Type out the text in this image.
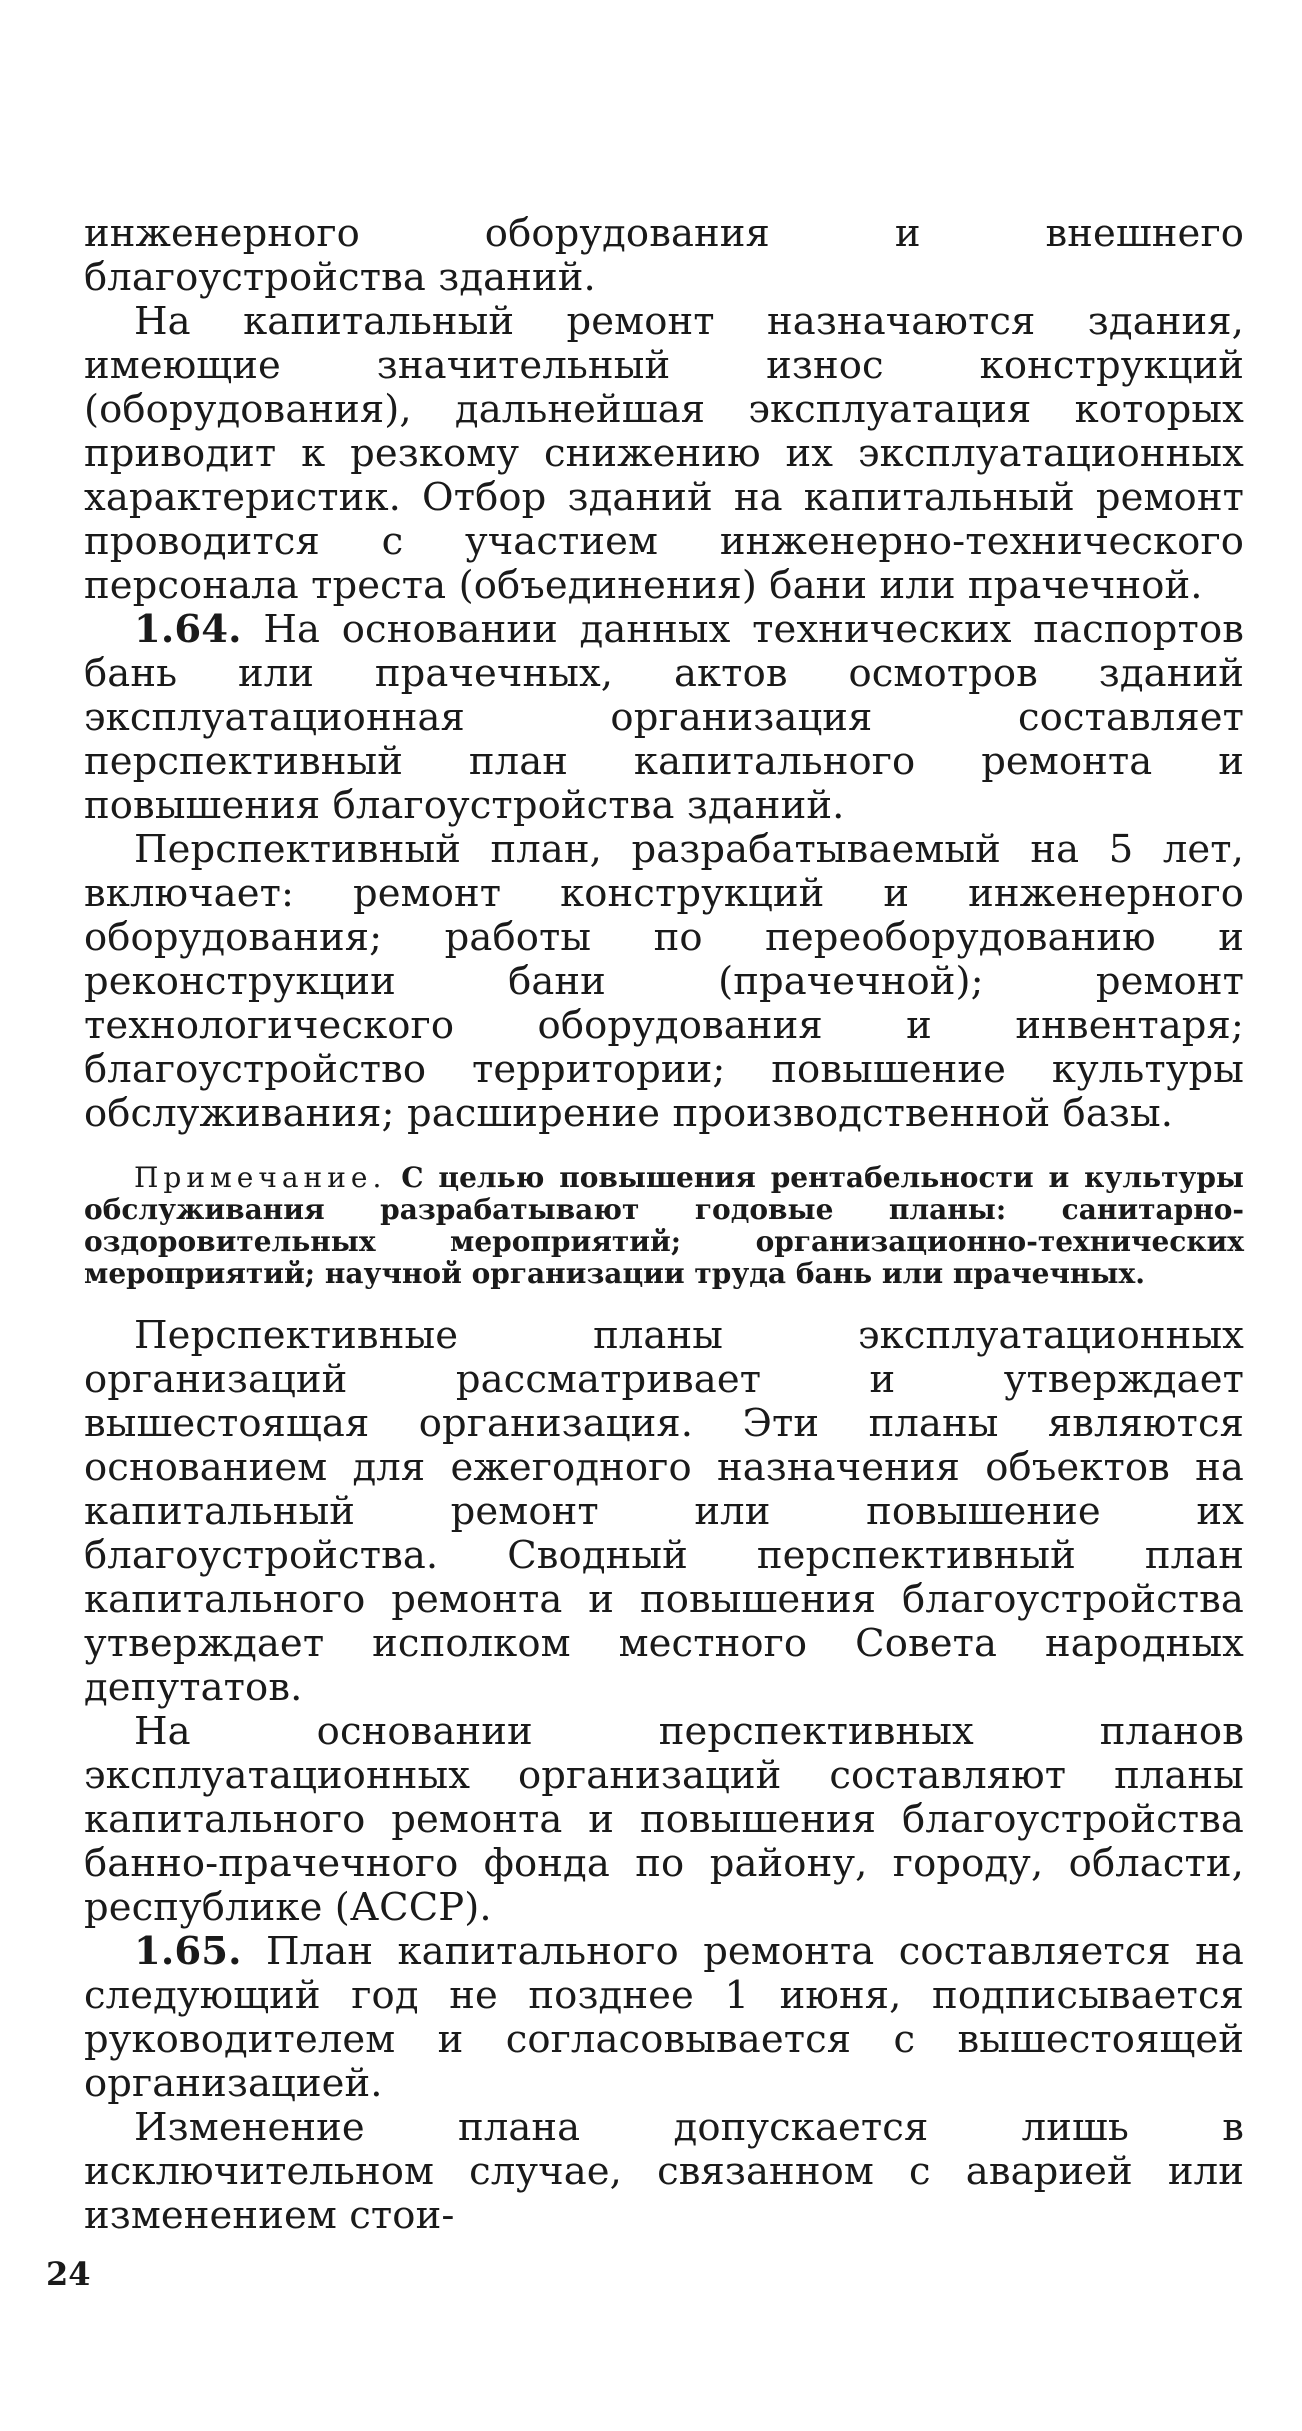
инженерного оборудования и внешнего благоустройства зданий.

На капитальный ремонт назначаются здания, имеющие значительный износ конструкций (оборудования), дальнейшая эксплуатация которых приводит к резкому снижению их эксплуатационных характеристик. Отбор зданий на капитальный ремонт проводится с участием инженерно-технического персонала треста (объединения) бани или прачечной.

1.64. На основании данных технических паспортов бань или прачечных, актов осмотров зданий эксплуатационная организация составляет перспективный план капитального ремонта и повышения благоустройства зданий.

Перспективный план, разрабатываемый на 5 лет, включает: ремонт конструкций и инженерного оборудования; работы по переоборудованию и реконструкции бани (прачечной); ремонт технологического оборудования и инвентаря; благоустройство территории; повышение культуры обслуживания; расширение производственной базы.

Примечание. С целью повышения рентабельности и культуры обслуживания разрабатывают годовые планы: санитарно-оздоровительных мероприятий; организационно-технических мероприятий; научной организации труда бань или прачечных.

Перспективные планы эксплуатационных организаций рассматривает и утверждает вышестоящая организация. Эти планы являются основанием для ежегодного назначения объектов на капитальный ремонт или повышение их благоустройства. Сводный перспективный план капитального ремонта и повышения благоустройства утверждает исполком местного Совета народных депутатов.

На основании перспективных планов эксплуатационных организаций составляют планы капитального ремонта и повышения благоустройства банно-прачечного фонда по району, городу, области, республике (АССР).

1.65. План капитального ремонта составляется на следующий год не позднее 1 июня, подписывается руководителем и согласовывается с вышестоящей организацией.

Изменение плана допускается лишь в исключительном случае, связанном с аварией или изменением стои-

24
